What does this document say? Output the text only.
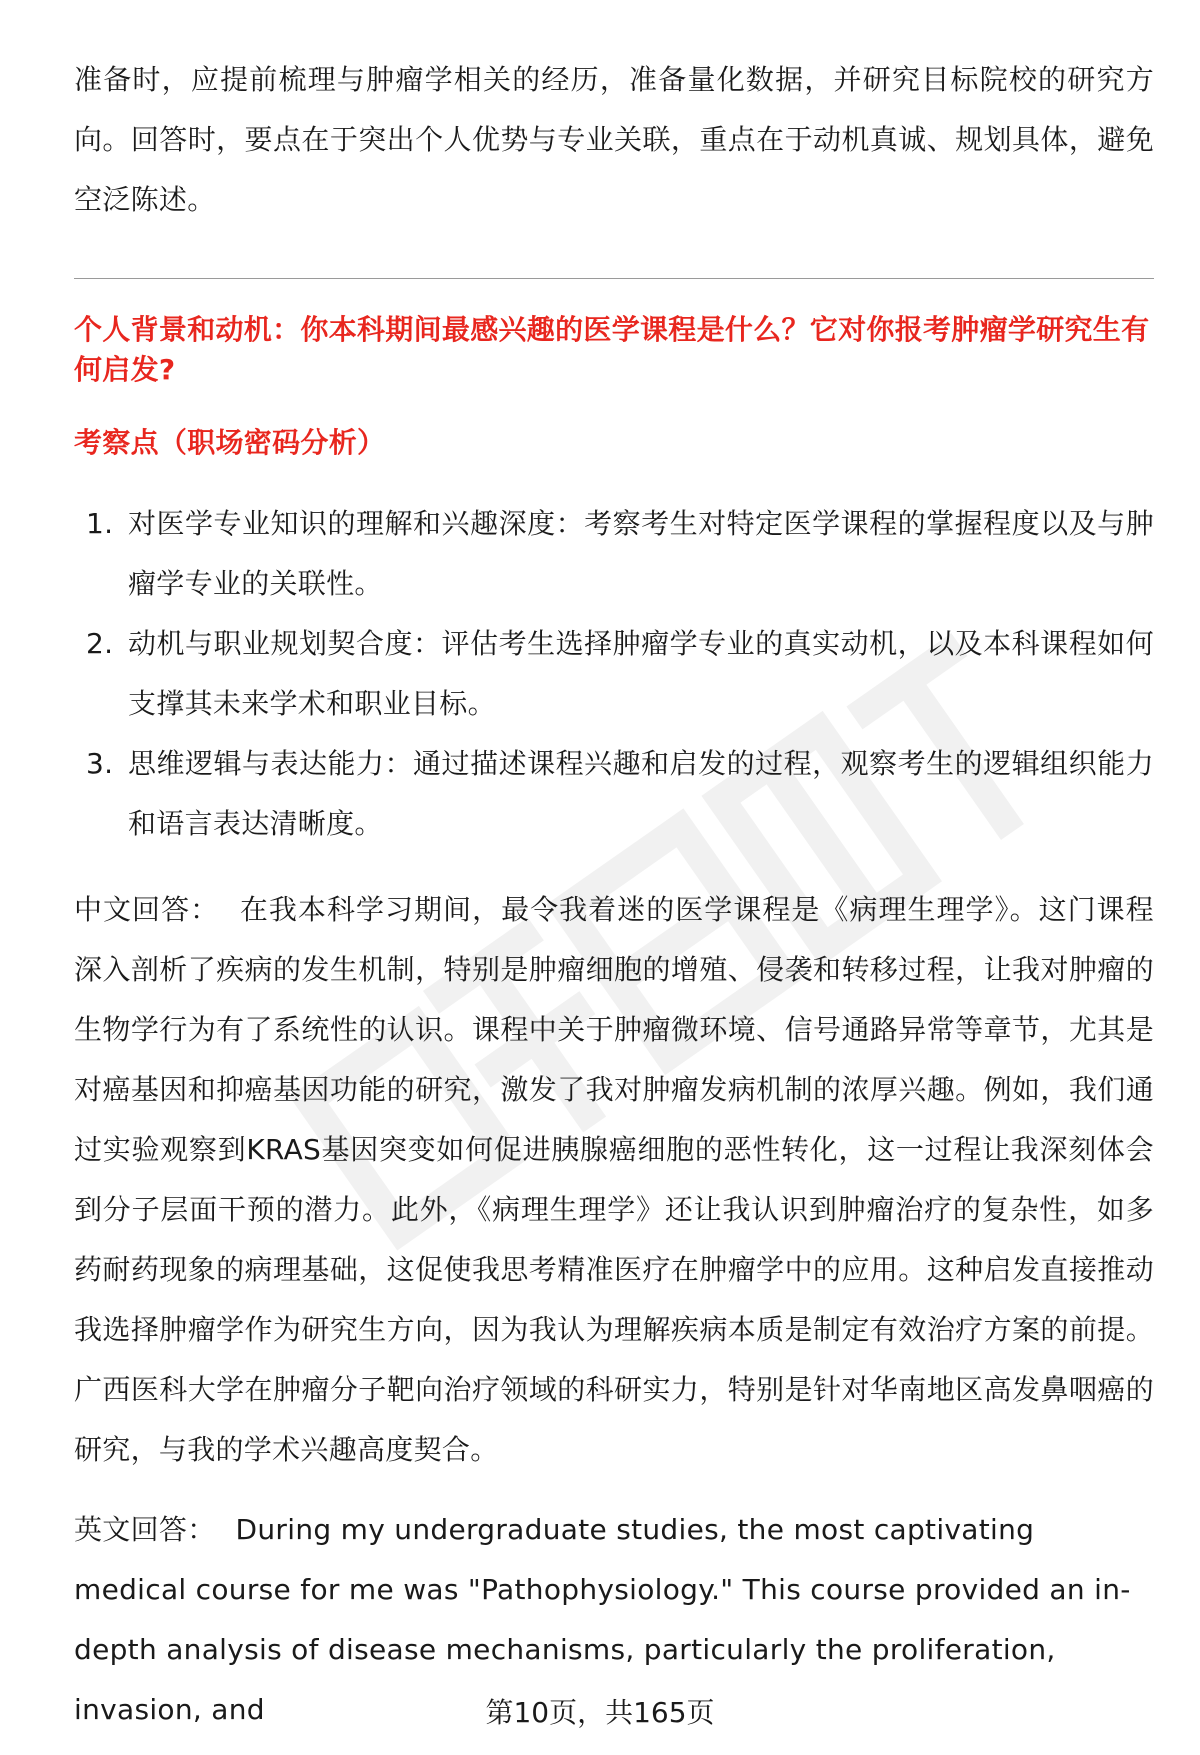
准备时，应提前梳理与肿瘤学相关的经历，准备量化数据，并研究目标院校的研究方向。回答时，要点在于突出个人优势与专业关联，重点在于动机真诚、规划具体，避免空泛陈述。

个人背景和动机：你本科期间最感兴趣的医学课程是什么？它对你报考肿瘤学研究生有何启发?

考察点（职场密码分析）

1. 对医学专业知识的理解和兴趣深度：考察考生对特定医学课程的掌握程度以及与肿瘤学专业的关联性。
2. 动机与职业规划契合度：评估考生选择肿瘤学专业的真实动机，以及本科课程如何支撑其未来学术和职业目标。
3. 思维逻辑与表达能力：通过描述课程兴趣和启发的过程，观察考生的逻辑组织能力和语言表达清晰度。

中文回答： 在我本科学习期间，最令我着迷的医学课程是《病理生理学》。这门课程深入剖析了疾病的发生机制，特别是肿瘤细胞的增殖、侵袭和转移过程，让我对肿瘤的生物学行为有了系统性的认识。课程中关于肿瘤微环境、信号通路异常等章节，尤其是对癌基因和抑癌基因功能的研究，激发了我对肿瘤发病机制的浓厚兴趣。例如，我们通过实验观察到KRAS基因突变如何促进胰腺癌细胞的恶性转化，这一过程让我深刻体会到分子层面干预的潜力。此外，《病理生理学》还让我认识到肿瘤治疗的复杂性，如多药耐药现象的病理基础，这促使我思考精准医疗在肿瘤学中的应用。这种启发直接推动我选择肿瘤学作为研究生方向，因为我认为理解疾病本质是制定有效治疗方案的前提。广西医科大学在肿瘤分子靶向治疗领域的科研实力，特别是针对华南地区高发鼻咽癌的研究，与我的学术兴趣高度契合。

英文回答： During my undergraduate studies, the most captivating medical course for me was "Pathophysiology." This course provided an in-depth analysis of disease mechanisms, particularly the proliferation, invasion, and	第10页，共165页
